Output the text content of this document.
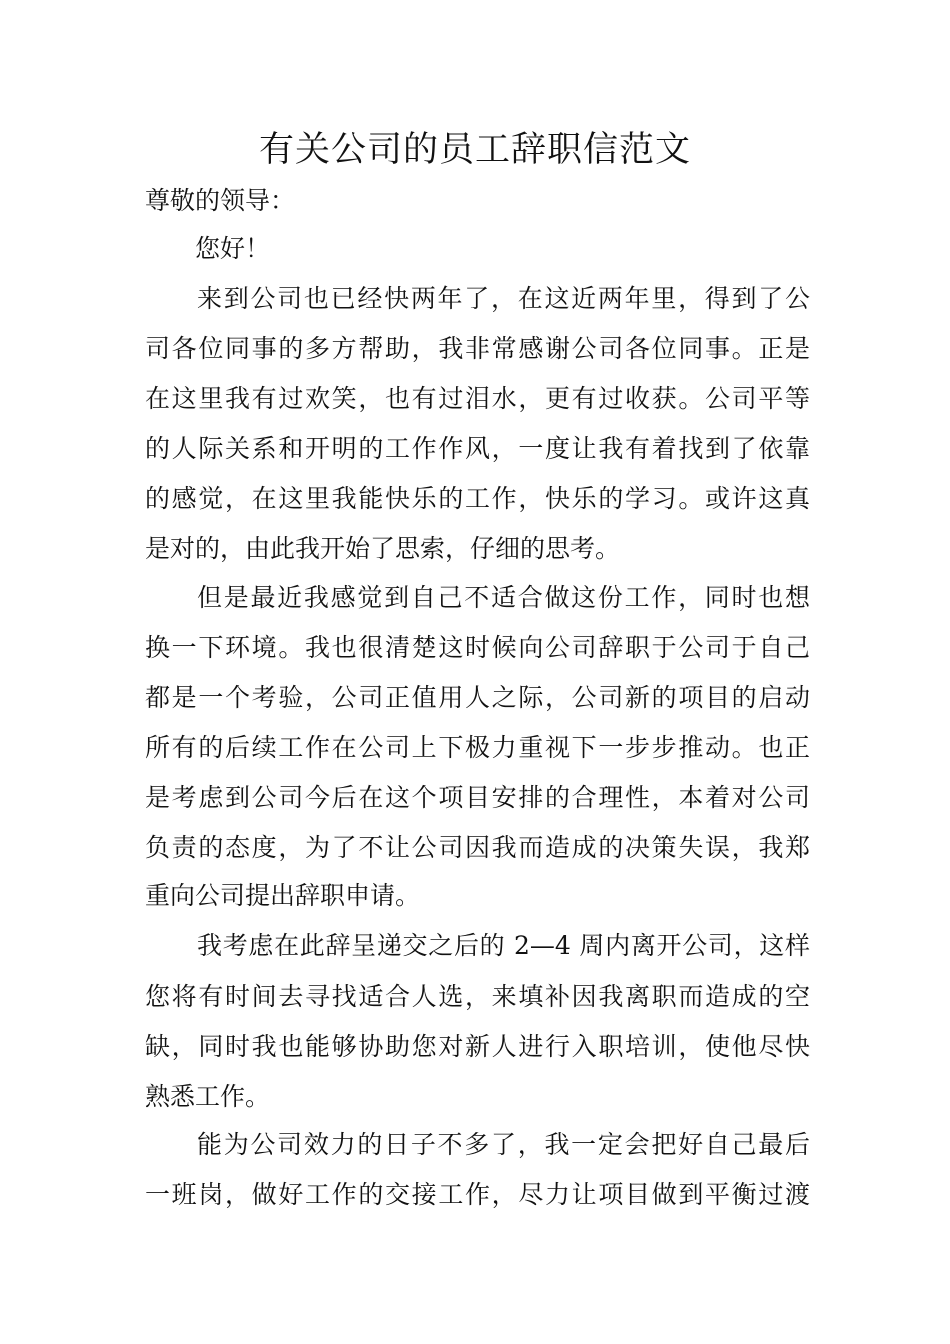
有关公司的员工辞职信范文
尊敬的领导：
您好！
来到公司也已经快两年了，在这近两年里，得到了公
司各位同事的多方帮助，我非常感谢公司各位同事。正是
在这里我有过欢笑，也有过泪水，更有过收获。公司平等
的人际关系和开明的工作作风，一度让我有着找到了依靠
的感觉，在这里我能快乐的工作，快乐的学习。或许这真
是对的，由此我开始了思索，仔细的思考。
但是最近我感觉到自己不适合做这份工作，同时也想
换一下环境。我也很清楚这时候向公司辞职于公司于自己
都是一个考验，公司正值用人之际，公司新的项目的启动
所有的后续工作在公司上下极力重视下一步步推动。也正
是考虑到公司今后在这个项目安排的合理性，本着对公司
负责的态度，为了不让公司因我而造成的决策失误，我郑
重向公司提出辞职申请。
我考虑在此辞呈递交之后的 2—4 周内离开公司，这样
您将有时间去寻找适合人选，来填补因我离职而造成的空
缺，同时我也能够协助您对新人进行入职培训，使他尽快
熟悉工作。
能为公司效力的日子不多了，我一定会把好自己最后
一班岗，做好工作的交接工作，尽力让项目做到平衡过渡
